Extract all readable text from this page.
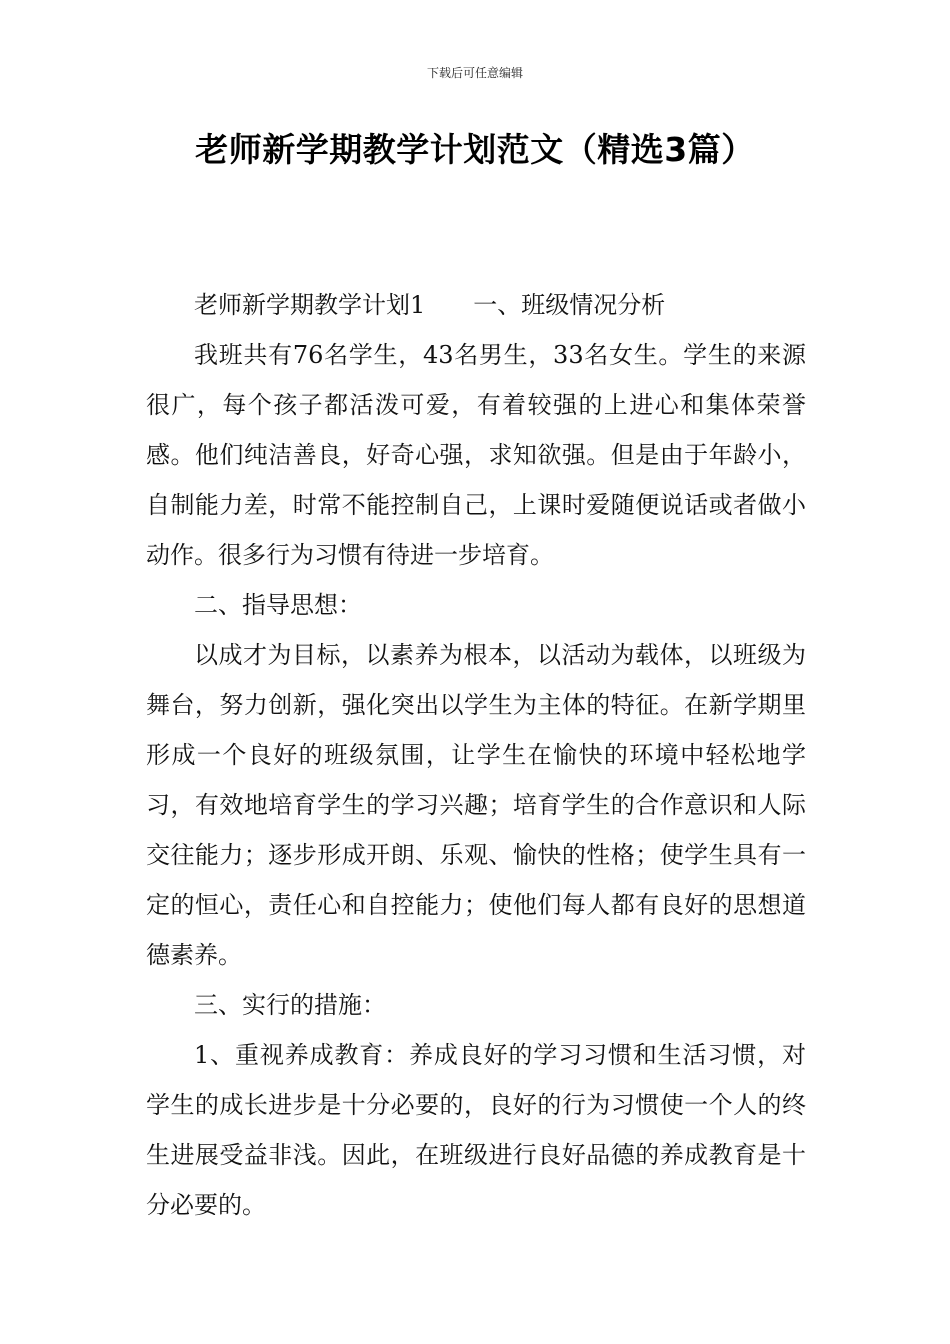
下载后可任意编辑
老师新学期教学计划范文（精选3篇）

老师新学期教学计划1 一、班级情况分析

我班共有76名学生，43名男生，33名女生。学生的来源很广，每个孩子都活泼可爱，有着较强的上进心和集体荣誉感。他们纯洁善良，好奇心强，求知欲强。但是由于年龄小，自制能力差，时常不能控制自己，上课时爱随便说话或者做小动作。很多行为习惯有待进一步培育。

二、指导思想：

以成才为目标，以素养为根本，以活动为载体，以班级为舞台，努力创新，强化突出以学生为主体的特征。在新学期里形成一个良好的班级氛围，让学生在愉快的环境中轻松地学习，有效地培育学生的学习兴趣；培育学生的合作意识和人际交往能力；逐步形成开朗、乐观、愉快的性格；使学生具有一定的恒心，责任心和自控能力；使他们每人都有良好的思想道德素养。

三、实行的措施：

1、重视养成教育：养成良好的学习习惯和生活习惯，对学生的成长进步是十分必要的，良好的行为习惯使一个人的终生进展受益非浅。因此，在班级进行良好品德的养成教育是十分必要的。
